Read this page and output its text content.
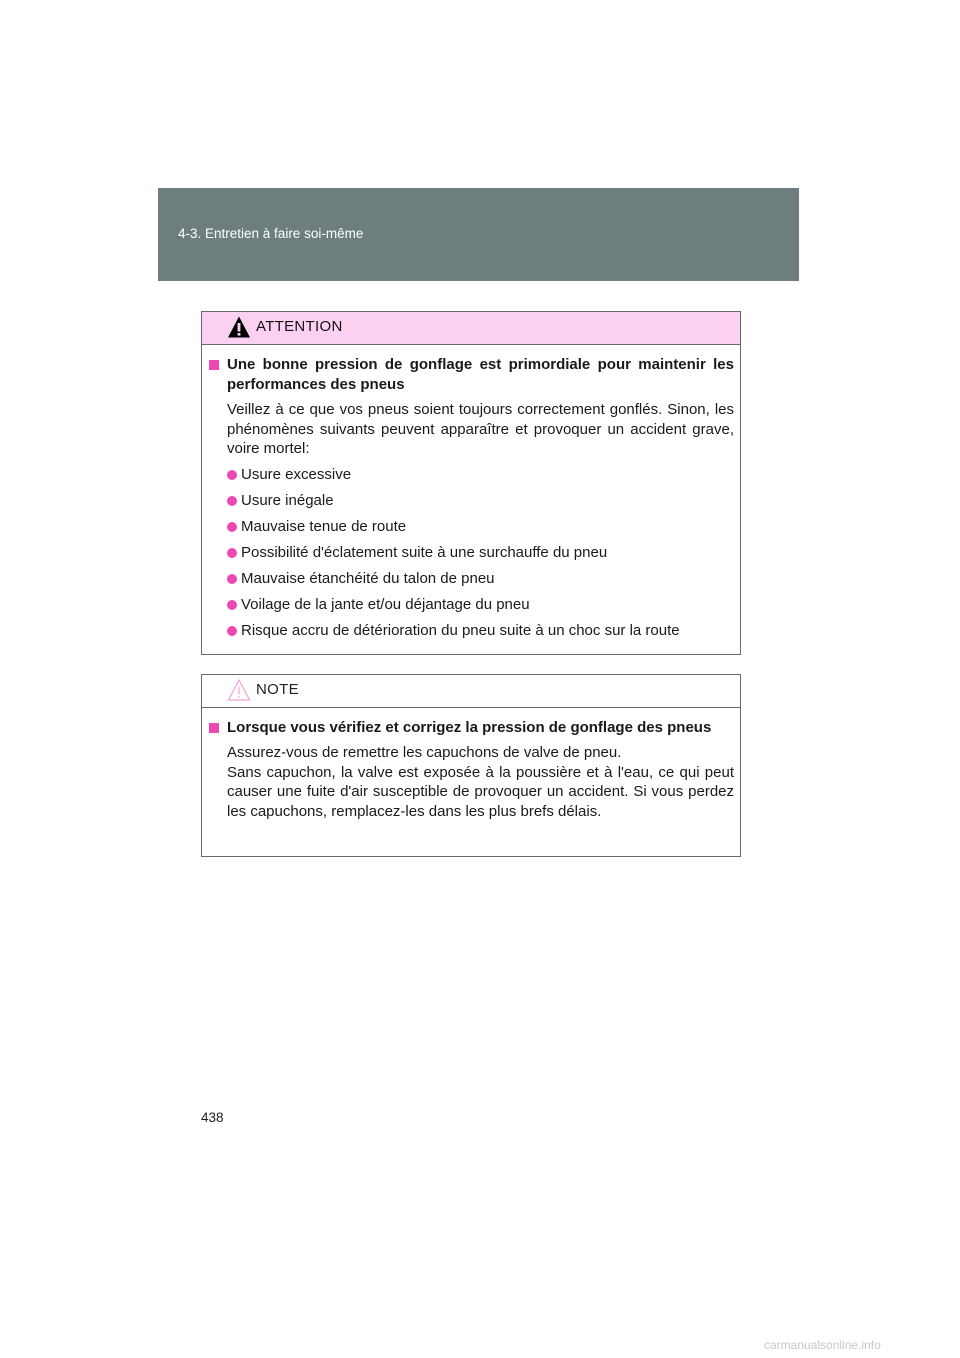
4-3. Entretien à faire soi-même
ATTENTION
Une bonne pression de gonflage est primordiale pour maintenir les performances des pneus
Veillez à ce que vos pneus soient toujours correctement gonflés. Sinon, les phénomènes suivants peuvent apparaître et provoquer un accident grave, voire mortel:
Usure excessive
Usure inégale
Mauvaise tenue de route
Possibilité d'éclatement suite à une surchauffe du pneu
Mauvaise étanchéité du talon de pneu
Voilage de la jante et/ou déjantage du pneu
Risque accru de détérioration du pneu suite à un choc sur la route
NOTE
Lorsque vous vérifiez et corrigez la pression de gonflage des pneus
Assurez-vous de remettre les capuchons de valve de pneu.
Sans capuchon, la valve est exposée à la poussière et à l'eau, ce qui peut causer une fuite d'air susceptible de provoquer un accident. Si vous perdez les capuchons, remplacez-les dans les plus brefs délais.
438
carmanualsonline.info
